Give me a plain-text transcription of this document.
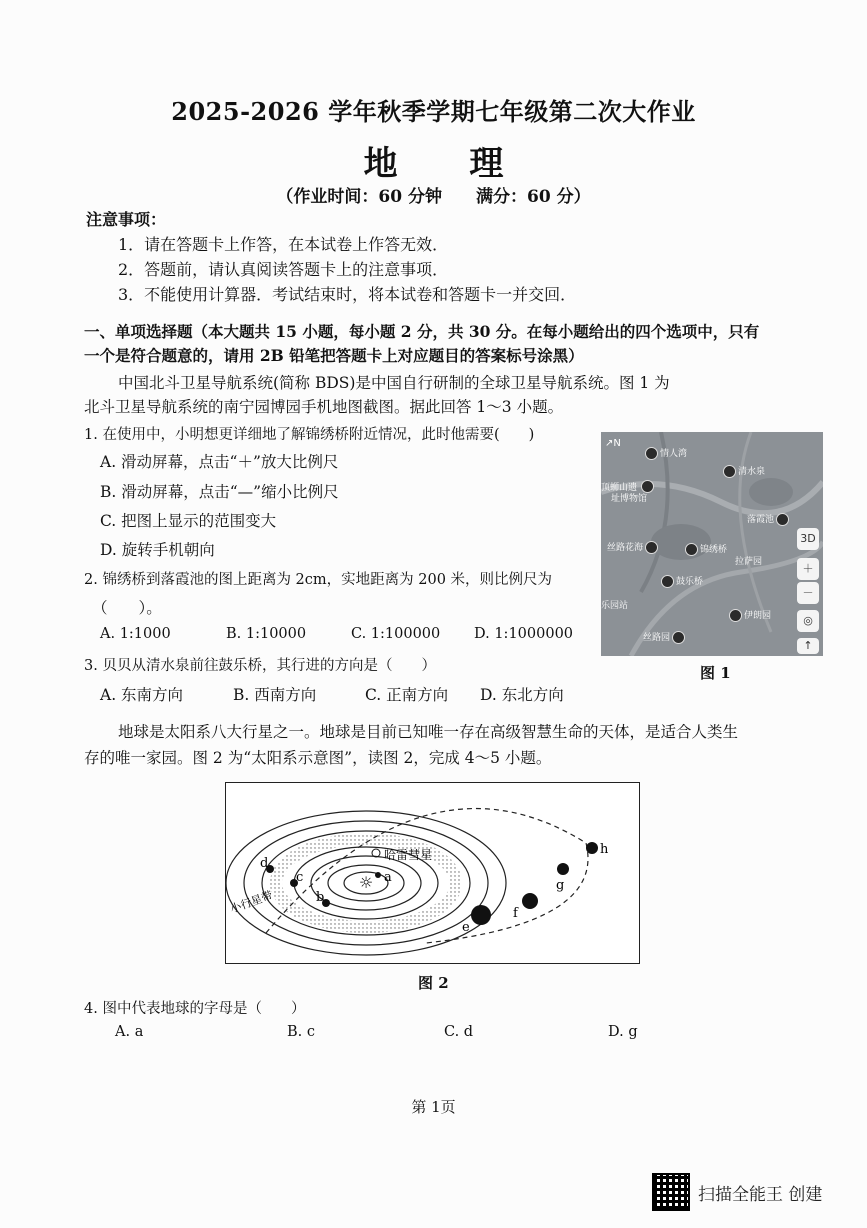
2025-2026 学年秋季学期七年级第二次大作业
地 理
（作业时间：60 分钟　　满分：60 分）
注意事项：
1．请在答题卡上作答，在本试卷上作答无效．
2．答题前，请认真阅读答题卡上的注意事项．
3．不能使用计算器．考试结束时，将本试卷和答题卡一并交回．
一、单项选择题（本大题共 15 小题，每小题 2 分，共 30 分。在每小题给出的四个选项中，只有
一个是符合题意的，请用 2B 铅笔把答题卡上对应题目的答案标号涂黑）
中国北斗卫星导航系统(简称 BDS)是中国自行研制的全球卫星导航系统。图 1 为
北斗卫星导航系统的南宁园博园手机地图截图。据此回答 1～3 小题。
1. 在使用中，小明想更详细地了解锦绣桥附近情况，此时他需要(　　)
A. 滑动屏幕，点击“＋”放大比例尺
B. 滑动屏幕，点击“—”缩小比例尺
C. 把图上显示的范围变大
D. 旋转手机朝向
2. 锦绣桥到落霞池的图上距离为 2cm，实地距离为 200 米，则比例尺为
（　　）。
A. 1:1000	B. 1:10000	C. 1:100000 D. 1:1000000
3. 贝贝从清水泉前往鼓乐桥，其行进的方向是（　　）
A. 东南方向	B. 西南方向	C. 正南方向 D. 东北方向
↗N
情人湾
清水泉
顶蛳山遗
址博物馆
落霞池
丝路花海	锦绣桥
拉萨园
鼓乐桥
乐园站
伊朗园
丝路园
3D
＋
－
◎
↑
图 1
地球是太阳系八大行星之一。地球是目前已知唯一存在高级智慧生命的天体，是适合人类生
存的唯一家园。图 2 为“太阳系示意图”，读图 2，完成 4～5 小题。
☼
哈雷彗星
a
b
c
d
e
f
g
h
小行星带
图 2
4. 图中代表地球的字母是（　　）
A. a	B. c	C. d	D. g
第 1页
扫描全能王 创建
